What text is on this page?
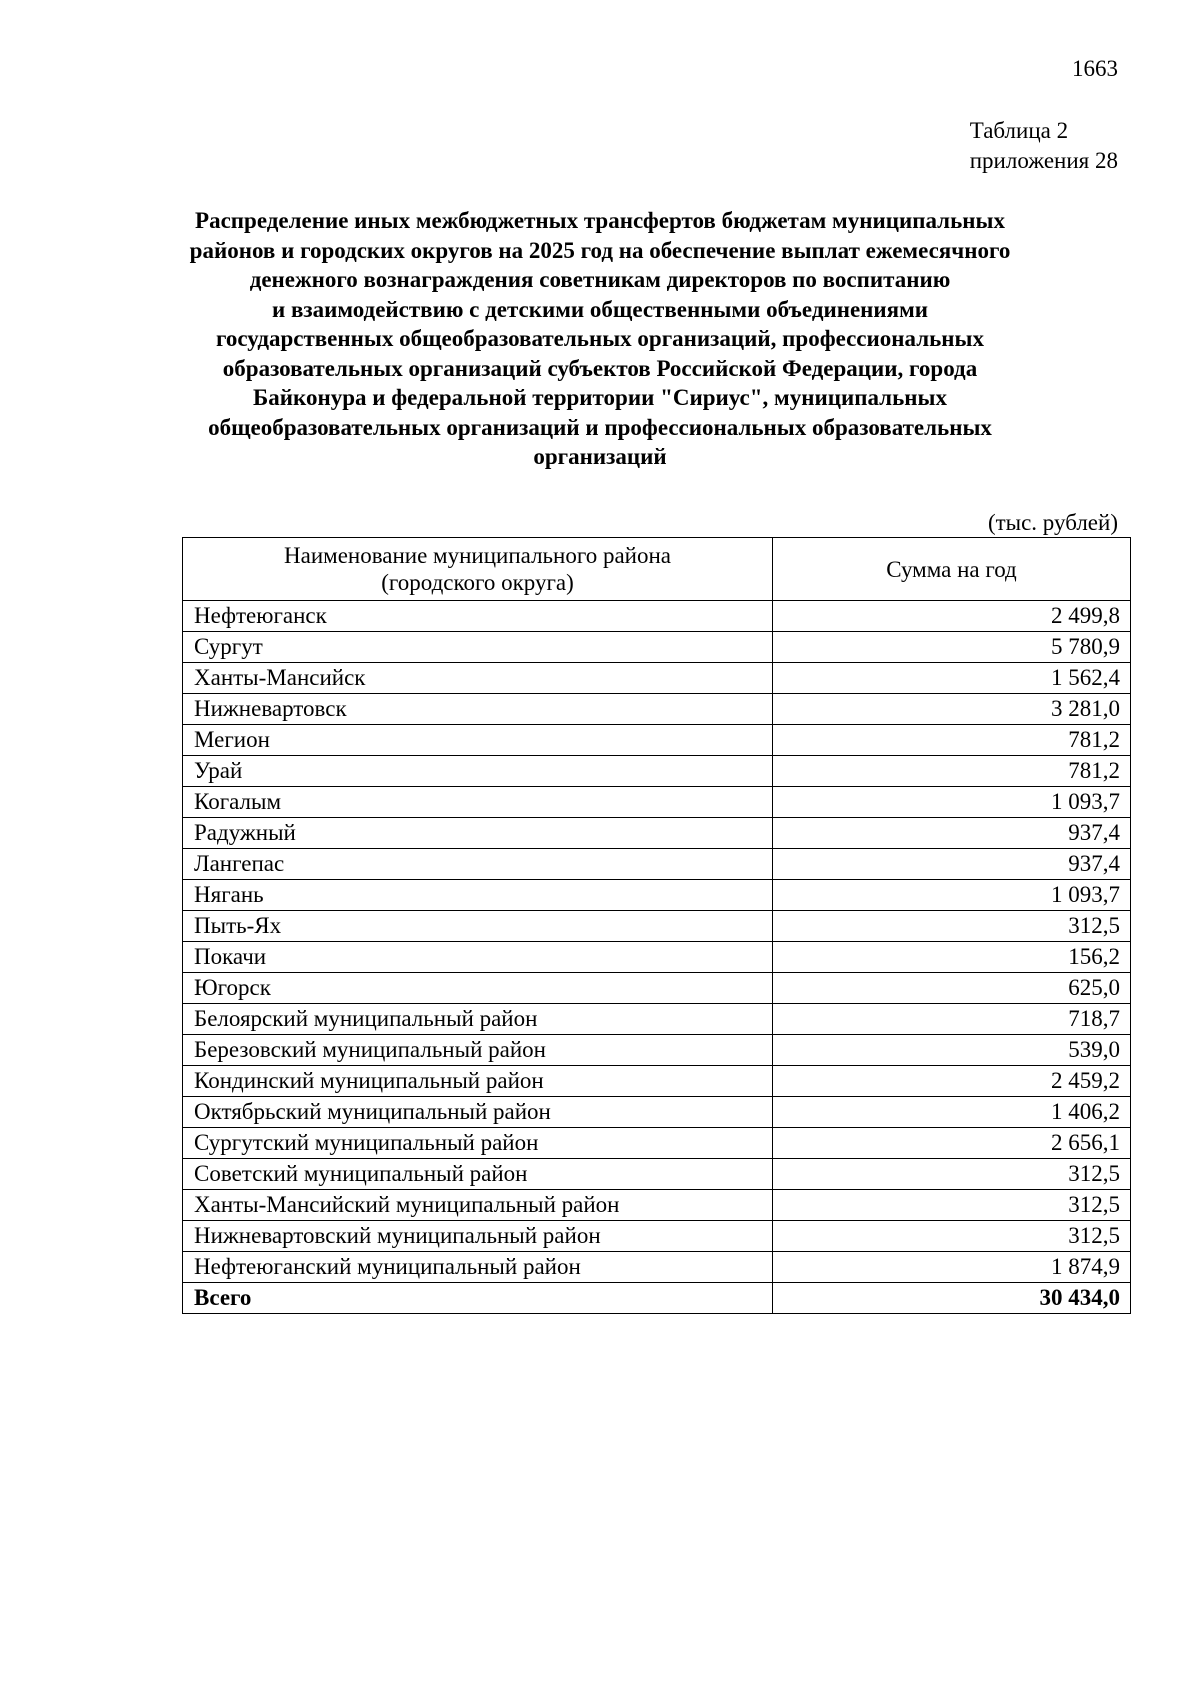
1663
Таблица 2
приложения 28
Распределение иных межбюджетных трансфертов бюджетам муниципальных
районов и городских округов на 2025 год на обеспечение выплат ежемесячного
денежного вознаграждения советникам директоров по воспитанию
и взаимодействию с детскими общественными объединениями
государственных общеобразовательных организаций, профессиональных
образовательных организаций субъектов Российской Федерации, города
Байконура и федеральной территории "Сириус", муниципальных
общеобразовательных организаций и профессиональных образовательных
организаций
(тыс. рублей)
Наименование муниципального района
(городского округа)	Сумма на год
Нефтеюганск	2 499,8
Сургут	5 780,9
Ханты-Мансийск	1 562,4
Нижневартовск	3 281,0
Мегион	781,2
Урай	781,2
Когалым	1 093,7
Радужный	937,4
Лангепас	937,4
Нягань	1 093,7
Пыть-Ях	312,5
Покачи	156,2
Югорск	625,0
Белоярский муниципальный район	718,7
Березовский муниципальный район	539,0
Кондинский муниципальный район	2 459,2
Октябрьский муниципальный район	1 406,2
Сургутский муниципальный район	2 656,1
Советский муниципальный район	312,5
Ханты-Мансийский муниципальный район	312,5
Нижневартовский муниципальный район	312,5
Нефтеюганский муниципальный район	1 874,9
Всего	30 434,0
